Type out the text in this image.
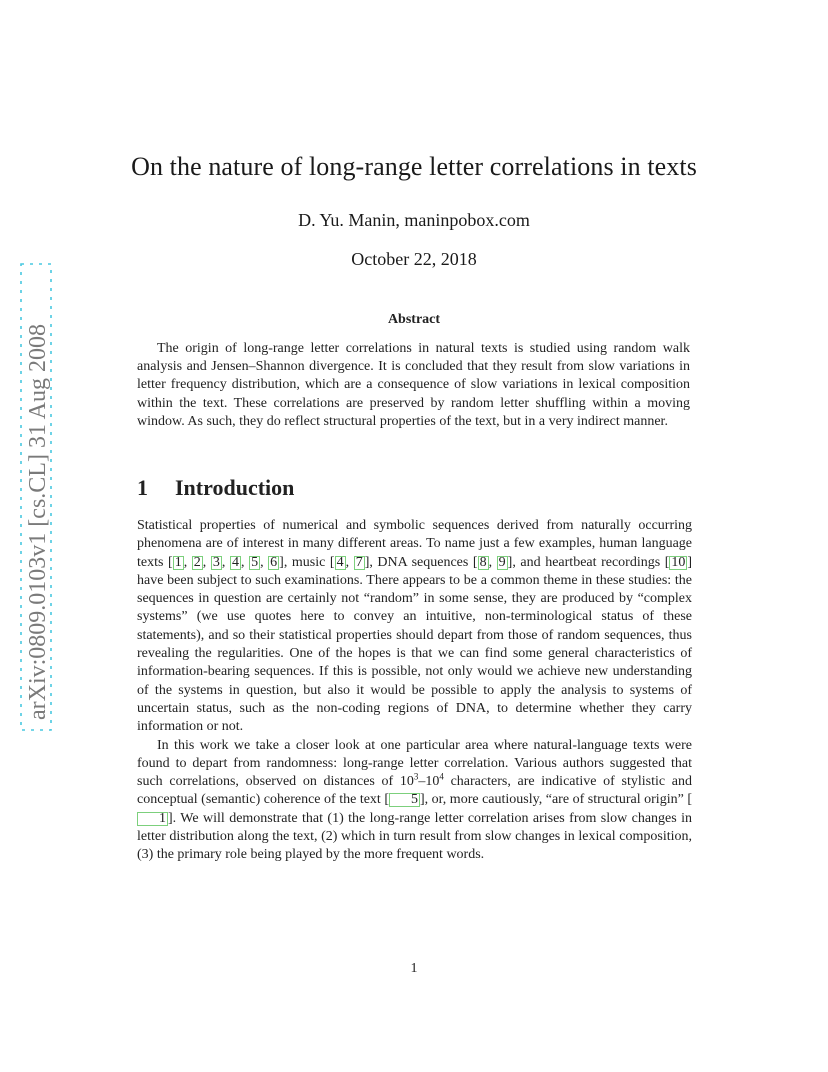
arXiv:0809.0103v1 [cs.CL] 31 Aug 2008
On the nature of long-range letter correlations in texts
D. Yu. Manin, maninpobox.com
October 22, 2018
Abstract
The origin of long-range letter correlations in natural texts is studied using random walk analysis and Jensen–Shannon divergence. It is concluded that they result from slow variations in letter frequency distribution, which are a consequence of slow variations in lexical composition within the text. These correlations are preserved by random letter shuffling within a moving window. As such, they do reflect structural properties of the text, but in a very indirect manner.
1 Introduction

Statistical properties of numerical and symbolic sequences derived from naturally occurring phenomena are of interest in many different areas. To name just a few examples, human language texts [ 1 , 2 , 3 , 4 , 5 , 6 ], music [ 4 , 7 ], DNA sequences [ 8 , 9 ], and heartbeat recordings [ 10 ] have been subject to such examinations. There appears to be a common theme in these studies: the sequences in question are certainly not “random” in some sense, they are produced by “complex systems” (we use quotes here to convey an intuitive, non-terminological status of these statements), and so their statistical properties should depart from those of random sequences, thus revealing the regularities. One of the hopes is that we can find some general characteristics of information-bearing sequences. If this is possible, not only would we achieve new understanding of the systems in question, but also it would be possible to apply the analysis to systems of uncertain status, such as the non-coding regions of DNA, to determine whether they carry information or not.

In this work we take a closer look at one particular area where natural-language texts were found to depart from randomness: long-range letter correlation. Various authors suggested that such correlations, observed on distances of $10^3-10^4$ characters, are indicative of stylistic and conceptual (semantic) coherence of the text [ 5 ], or, more cautiously, “are of structural origin” [1 ]. We will demonstrate that (1) the long-range letter correlation arises from slow changes in letter distribution along the text, (2) which in turn result from slow changes in lexical composition, (3) the primary role being played by the more frequent words.

1
